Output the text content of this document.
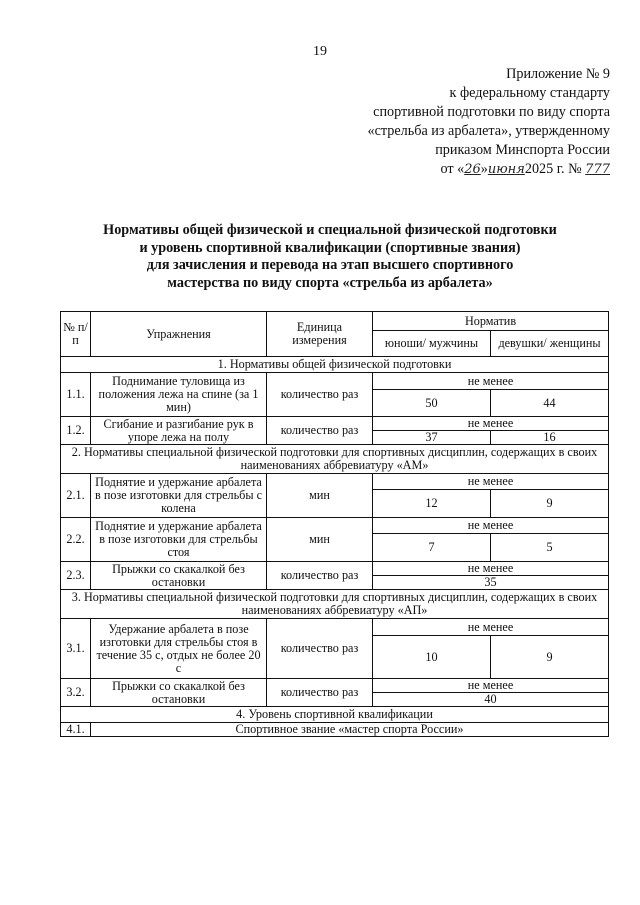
19
Приложение № 9
к федеральному стандарту
спортивной подготовки по виду спорта
«стрельба из арбалета», утвержденному
приказом Минспорта России
от «26»июня2025 г. № 777
Нормативы общей физической и специальной физической подготовки
и уровень спортивной квалификации (спортивные звания)
для зачисления и перевода на этап высшего спортивного
мастерства по виду спорта «стрельба из арбалета»
№ п/п	Упражнения	Единица измерения	Норматив	
			юноши/ мужчины	девушки/ женщины
1. Нормативы общей физической подготовки				
1.1.	Поднимание туловища из положения лежа на спине (за 1 мин)	количество раз	не менее	
			50	44
1.2.	Сгибание и разгибание рук в упоре лежа на полу	количество раз	не менее	
			37	16
2. Нормативы специальной физической подготовки для спортивных дисциплин, содержащих в своих наименованиях аббревиатуру «АМ»				
2.1.	Поднятие и удержание арбалета в позе изготовки для стрельбы с колена	мин	не менее	
			12	9
2.2.	Поднятие и удержание арбалета в позе изготовки для стрельбы стоя	мин	не менее	
			7	5
2.3.	Прыжки со скакалкой без остановки	количество раз	не менее	
			35	
3. Нормативы специальной физической подготовки для спортивных дисциплин, содержащих в своих наименованиях аббревиатуру «АП»				
3.1.	Удержание арбалета в позе изготовки для стрельбы стоя в течение 35 с, отдых не более 20 с	количество раз	не менее	
			10	9
3.2.	Прыжки со скакалкой без остановки	количество раз	не менее	
			40	
4. Уровень спортивной квалификации				
4.1.	Спортивное звание «мастер спорта России»			
